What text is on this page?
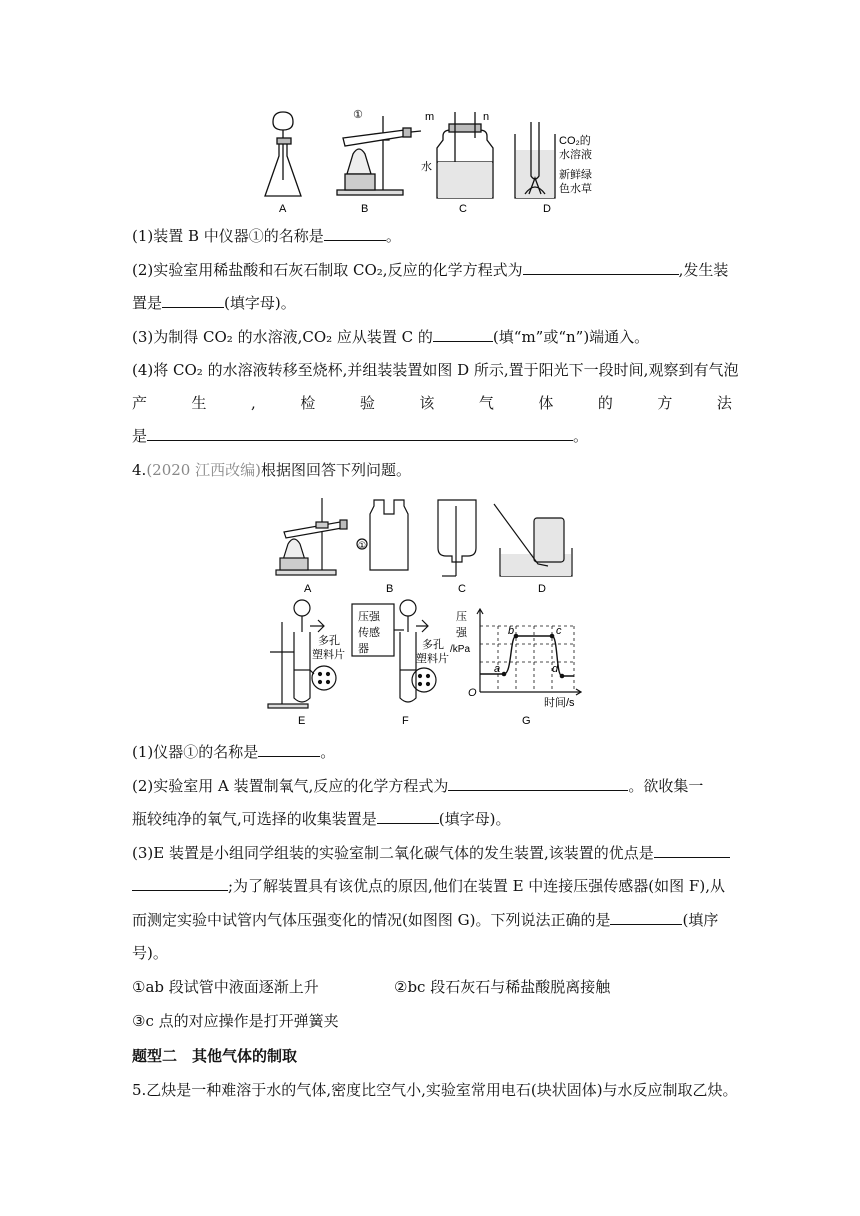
A
①
B
m	n
水
C
CO₂的
水溶液
新鲜绿
色水草
D
(1)装置 B 中仪器①的名称是	。
(2)实验室用稀盐酸和石灰石制取 CO₂,反应的化学方程式为	,发生装
置是	(填字母)。
(3)为制得 CO₂ 的水溶液,CO₂ 应从装置 C 的	(填“m”或“n”)端通入。
(4)将 CO₂ 的水溶液转移至烧杯,并组装装置如图 D 所示,置于阳光下一段时间,观察到有气泡
产	生	,	检	验	该	气	体	的	方	法
是	。
4.(2020 江西改编)根据图回答下列问题。
A
①
B	C	D
多孔
塑料片
E
压强
传感
器	多孔
塑料片
F
压
强
/kPa
O
时间/s
a
b	c
d
G
(1)仪器①的名称是	。
(2)实验室用 A 装置制氧气,反应的化学方程式为	。欲收集一
瓶较纯净的氧气,可选择的收集装置是	(填字母)。
(3)E 装置是小组同学组装的实验室制二氧化碳气体的发生装置,该装置的优点是
;为了解装置具有该优点的原因,他们在装置 E 中连接压强传感器(如图 F),从
而测定实验中试管内气体压强变化的情况(如图图 G)。下列说法正确的是	(填序
号)。
①ab 段试管中液面逐渐上升	②bc 段石灰石与稀盐酸脱离接触
③c 点的对应操作是打开弹簧夹
题型二　其他气体的制取
5.乙炔是一种难溶于水的气体,密度比空气小,实验室常用电石(块状固体)与水反应制取乙炔。
